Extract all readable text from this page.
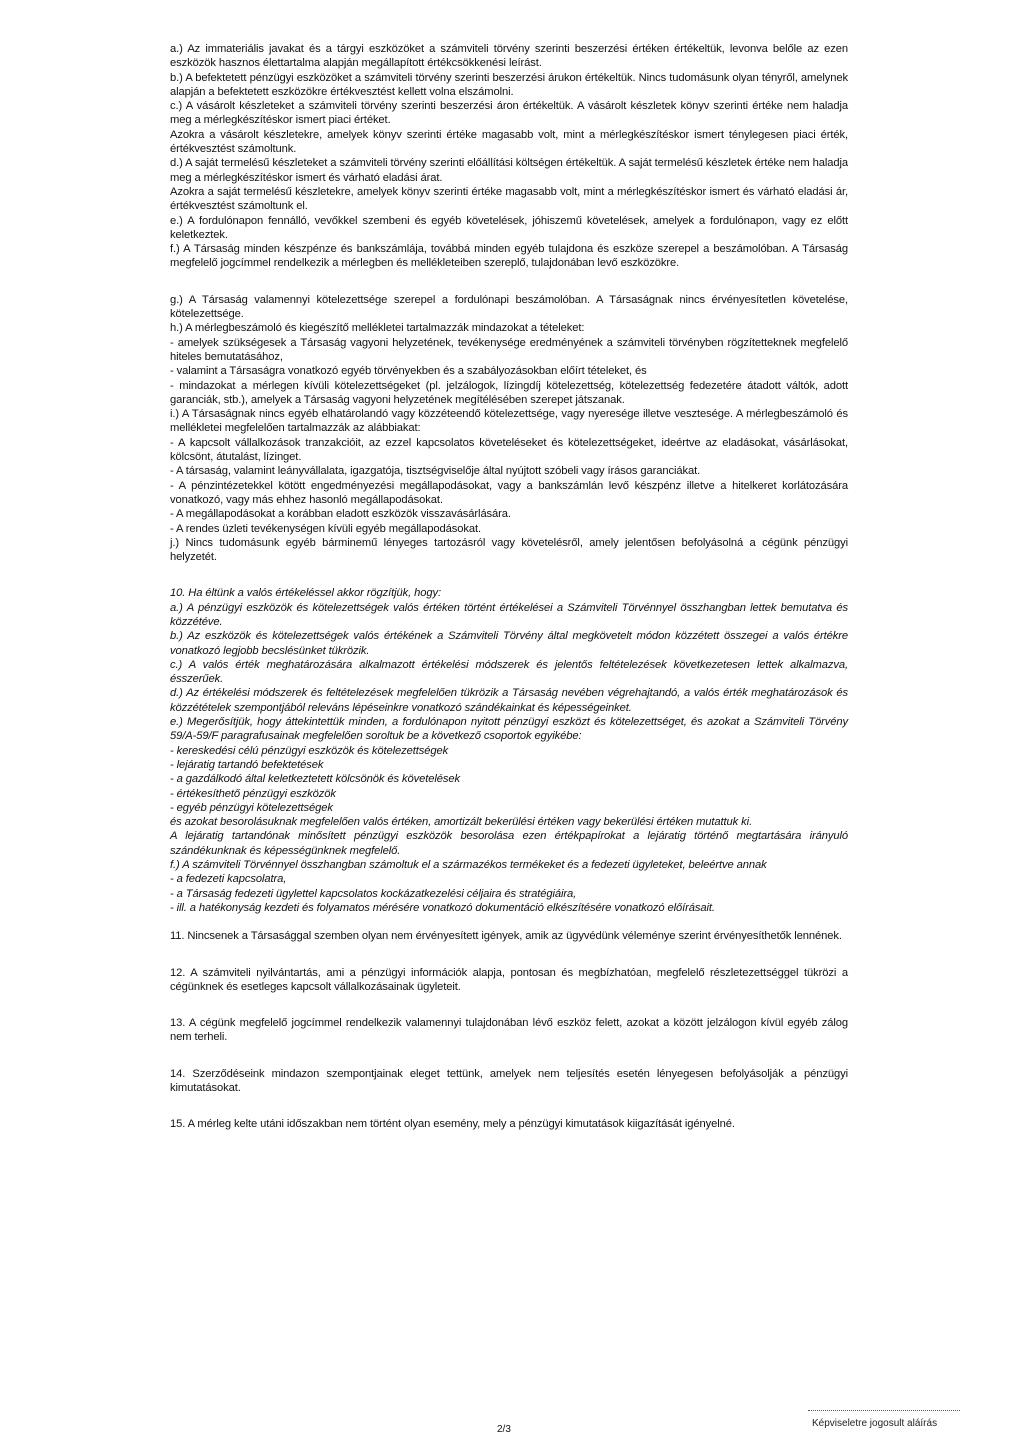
a.) Az immateriális javakat és a tárgyi eszközöket a számviteli törvény szerinti beszerzési értéken értékeltük, levonva belőle az ezen eszközök hasznos élettartalma alapján megállapított értékcsökkenési leírást.

b.) A befektetett pénzügyi eszközöket a számviteli törvény szerinti beszerzési árukon értékeltük. Nincs tudomásunk olyan tényről, amelynek alapján a befektetett eszközökre értékvesztést kellett volna elszámolni.

c.) A vásárolt készleteket a számviteli törvény szerinti beszerzési áron értékeltük. A vásárolt készletek könyv szerinti értéke nem haladja meg a mérlegkészítéskor ismert piaci értéket.

Azokra a vásárolt készletekre, amelyek könyv szerinti értéke magasabb volt, mint a mérlegkészítéskor ismert ténylegesen piaci érték, értékvesztést számoltunk.

d.) A saját termelésű készleteket a számviteli törvény szerinti előállítási költségen értékeltük. A saját termelésű készletek értéke nem haladja meg a mérlegkészítéskor ismert és várható eladási árat.

Azokra a saját termelésű készletekre, amelyek könyv szerinti értéke magasabb volt, mint a mérlegkészítéskor ismert és várható eladási ár, értékvesztést számoltunk el.

e.) A fordulónapon fennálló, vevőkkel szembeni és egyéb követelések, jóhiszemű követelések, amelyek a fordulónapon, vagy ez előtt keletkeztek.

f.) A Társaság minden készpénze és bankszámlája, továbbá minden egyéb tulajdona és eszköze szerepel a beszámolóban. A Társaság megfelelő jogcímmel rendelkezik a mérlegben és mellékleteiben szereplő, tulajdonában levő eszközökre.

g.) A Társaság valamennyi kötelezettsége szerepel a fordulónapi beszámolóban. A Társaságnak nincs érvényesítetlen követelése, kötelezettsége.

h.) A mérlegbeszámoló és kiegészítő mellékletei tartalmazzák mindazokat a tételeket:

- amelyek szükségesek a Társaság vagyoni helyzetének, tevékenysége eredményének a számviteli törvényben rögzítetteknek megfelelő hiteles bemutatásához,

- valamint a Társaságra vonatkozó egyéb törvényekben és a szabályozásokban előírt tételeket, és

- mindazokat a mérlegen kívüli kötelezettségeket (pl. jelzálogok, lízingdíj kötelezettség, kötelezettség fedezetére átadott váltók, adott garanciák, stb.), amelyek a Társaság vagyoni helyzetének megítélésében szerepet játszanak.

i.) A Társaságnak nincs egyéb elhatárolandó vagy közzéteendő kötelezettsége, vagy nyeresége illetve vesztesége. A mérlegbeszámoló és mellékletei megfelelően tartalmazzák az alábbiakat:

- A kapcsolt vállalkozások tranzakcióit, az ezzel kapcsolatos követeléseket és kötelezettségeket, ideértve az eladásokat, vásárlásokat, kölcsönt, átutalást, lízinget.

- A társaság, valamint leányvállalata, igazgatója, tisztségviselője által nyújtott szóbeli vagy írásos garanciákat.

- A pénzintézetekkel kötött engedményezési megállapodásokat, vagy a bankszámlán levő készpénz illetve a hitelkeret korlátozására vonatkozó, vagy más ehhez hasonló megállapodásokat.

- A megállapodásokat a korábban eladott eszközök visszavásárlására.

- A rendes üzleti tevékenységen kívüli egyéb megállapodásokat.

j.) Nincs tudomásunk egyéb bárminemű lényeges tartozásról vagy követelésről, amely jelentősen befolyásolná a cégünk pénzügyi helyzetét.

10. Ha éltünk a valós értékeléssel akkor rögzítjük, hogy:

a.) A pénzügyi eszközök és kötelezettségek valós értéken történt értékelései a Számviteli Törvénnyel összhangban lettek bemutatva és közzétéve.

b.) Az eszközök és kötelezettségek valós értékének a Számviteli Törvény által megkövetelt módon közzétett összegei a valós értékre vonatkozó legjobb becslésünket tükrözik.

c.) A valós érték meghatározására alkalmazott értékelési módszerek és jelentős feltételezések következetesen lettek alkalmazva, ésszerűek.

d.) Az értékelési módszerek és feltételezések megfelelően tükrözik a Társaság nevében végrehajtandó, a valós érték meghatározások és közzétételek szempontjából releváns lépéseinkre vonatkozó szándékainkat és képességeinket.

e.) Megerősítjük, hogy áttekintettük minden, a fordulónapon nyitott pénzügyi eszközt és kötelezettséget, és azokat a Számviteli Törvény 59/A-59/F paragrafusainak megfelelően soroltuk be a következő csoportok egyikébe:

- kereskedési célú pénzügyi eszközök és kötelezettségek

- lejáratig tartandó befektetések

- a gazdálkodó által keletkeztetett kölcsönök és követelések

- értékesíthető pénzügyi eszközök

- egyéb pénzügyi kötelezettségek

és azokat besorolásuknak megfelelően valós értéken, amortizált bekerülési értéken vagy bekerülési értéken mutattuk ki.

A lejáratig tartandónak minősített pénzügyi eszközök besorolása ezen értékpapírokat a lejáratig történő megtartására irányuló szándékunknak és képességünknek megfelelő.

f.) A számviteli Törvénnyel összhangban számoltuk el a származékos termékeket és a fedezeti ügyleteket, beleértve annak

- a fedezeti kapcsolatra,

- a Társaság fedezeti ügylettel kapcsolatos kockázatkezelési céljaira és stratégiáira,

- ill. a hatékonyság kezdeti és folyamatos mérésére vonatkozó dokumentáció elkészítésére vonatkozó előírásait.

11. Nincsenek a Társasággal szemben olyan nem érvényesített igények, amik az ügyvédünk véleménye szerint érvényesíthetők lennének.

12. A számviteli nyilvántartás, ami a pénzügyi információk alapja, pontosan és megbízhatóan, megfelelő részletezettséggel tükrözi a cégünknek és esetleges kapcsolt vállalkozásainak ügyleteit.

13. A cégünk megfelelő jogcímmel rendelkezik valamennyi tulajdonában lévő eszköz felett, azokat a között jelzálogon kívül egyéb zálog nem terheli.

14. Szerződéseink mindazon szempontjainak eleget tettünk, amelyek nem teljesítés esetén lényegesen befolyásolják a pénzügyi kimutatásokat.

15. A mérleg kelte utáni időszakban nem történt olyan esemény, mely a pénzügyi kimutatások kiigazítását igényelné.

2/3
Képviseletre jogosult aláírás
